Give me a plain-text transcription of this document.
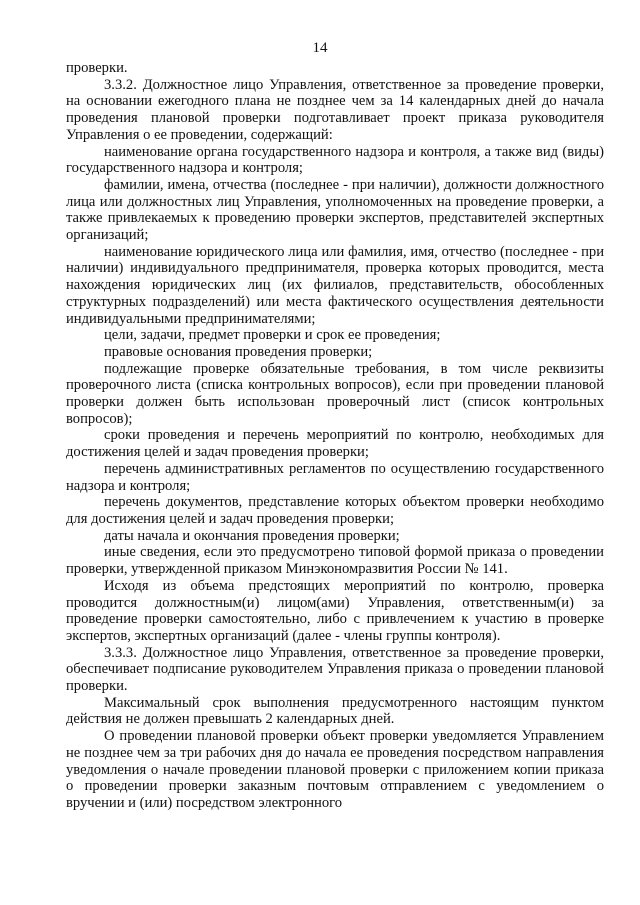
14

проверки.

3.3.2. Должностное лицо Управления, ответственное за проведение проверки, на основании ежегодного плана не позднее чем за 14 календарных дней до начала проведения плановой проверки подготавливает проект приказа руководителя Управления о ее проведении, содержащий:

наименование органа государственного надзора и контроля, а также вид (виды) государственного надзора и контроля;

фамилии, имена, отчества (последнее - при наличии), должности должностного лица или должностных лиц Управления, уполномоченных на проведение проверки, а также привлекаемых к проведению проверки экспертов, представителей экспертных организаций;

наименование юридического лица или фамилия, имя, отчество (последнее - при наличии) индивидуального предпринимателя, проверка которых проводится, места нахождения юридических лиц (их филиалов, представительств, обособленных структурных подразделений) или места фактического осуществления деятельности индивидуальными предпринимателями;

цели, задачи, предмет проверки и срок ее проведения;

правовые основания проведения проверки;

подлежащие проверке обязательные требования, в том числе реквизиты проверочного листа (списка контрольных вопросов), если при проведении плановой проверки должен быть использован проверочный лист (список контрольных вопросов);

сроки проведения и перечень мероприятий по контролю, необходимых для достижения целей и задач проведения проверки;

перечень административных регламентов по осуществлению государственного надзора и контроля;

перечень документов, представление которых объектом проверки необходимо для достижения целей и задач проведения проверки;

даты начала и окончания проведения проверки;

иные сведения, если это предусмотрено типовой формой приказа о проведении проверки, утвержденной приказом Минэкономразвития России № 141.

Исходя из объема предстоящих мероприятий по контролю, проверка проводится должностным(и) лицом(ами) Управления, ответственным(и) за проведение проверки самостоятельно, либо с привлечением к участию в проверке экспертов, экспертных организаций (далее - члены группы контроля).

3.3.3. Должностное лицо Управления, ответственное за проведение проверки, обеспечивает подписание руководителем Управления приказа о проведении плановой проверки.

Максимальный срок выполнения предусмотренного настоящим пунктом действия не должен превышать 2 календарных дней.

О проведении плановой проверки объект проверки уведомляется Управлением не позднее чем за три рабочих дня до начала ее проведения посредством направления уведомления о начале проведении плановой проверки с приложением копии приказа о проведении проверки заказным почтовым отправлением с уведомлением о вручении и (или) посредством электронного
